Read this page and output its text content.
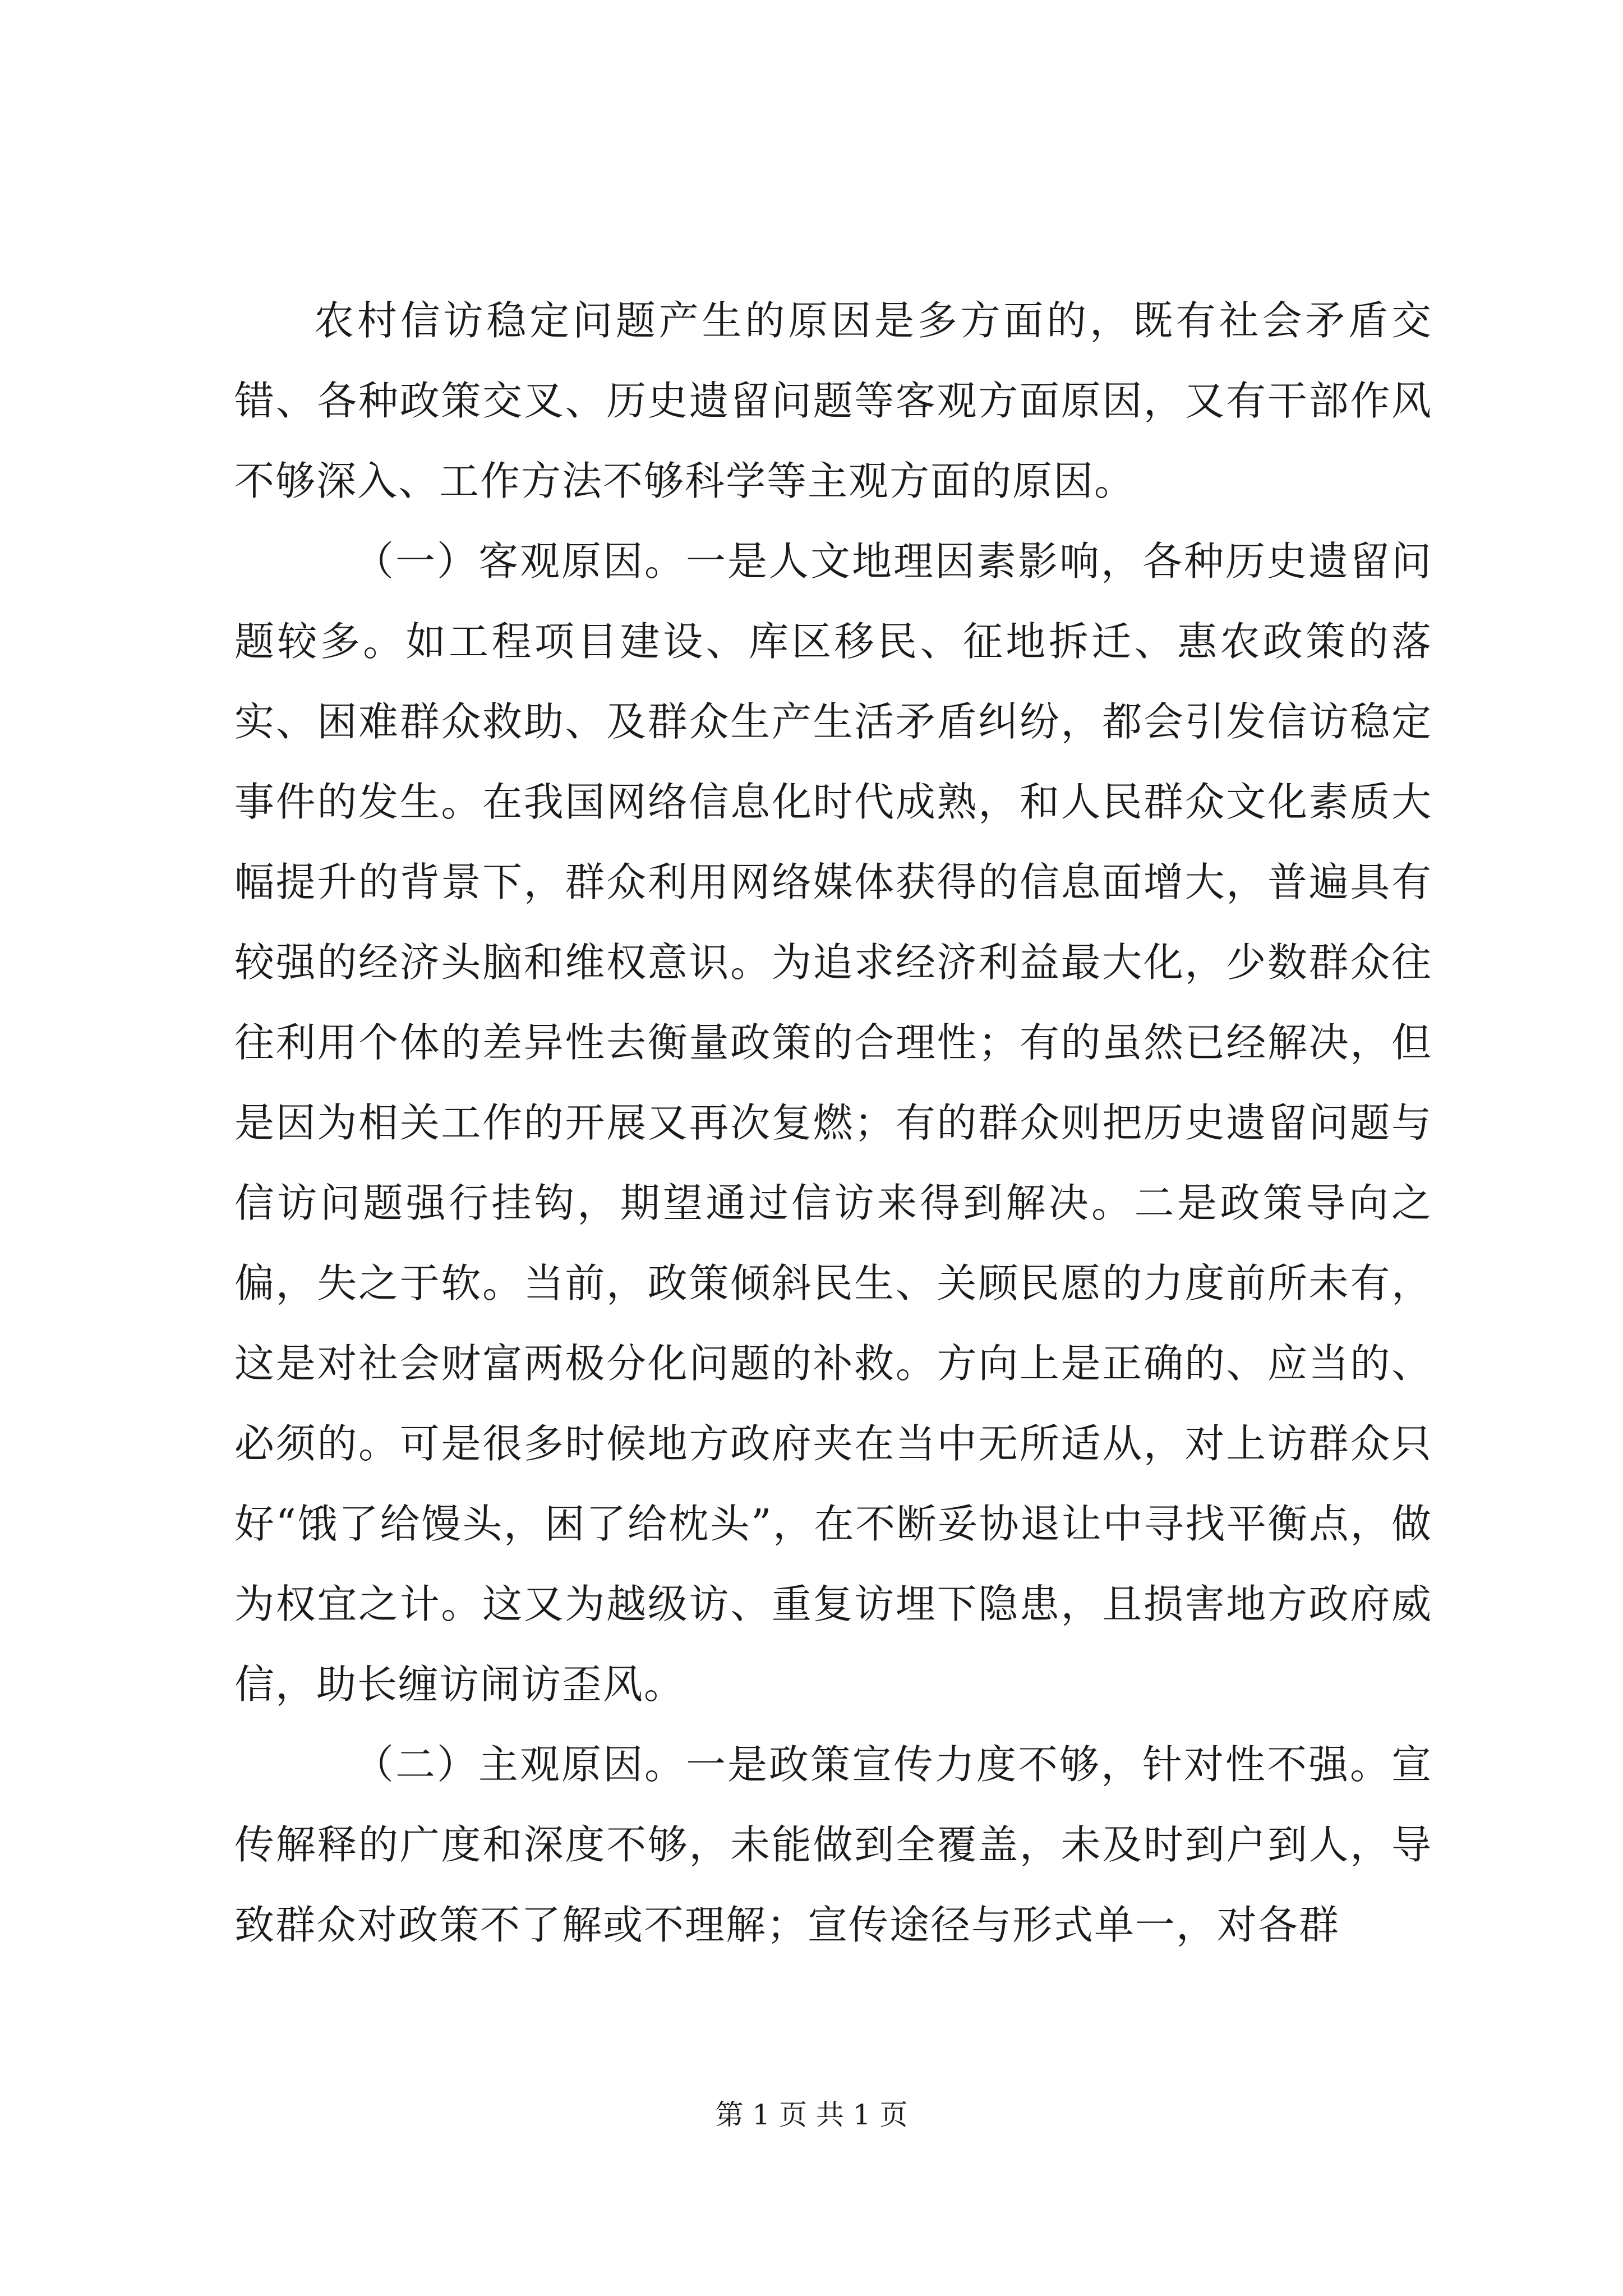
农村信访稳定问题产生的原因是多方面的，既有社会矛盾交错、各种政策交叉、历史遗留问题等客观方面原因，又有干部作风不够深入、工作方法不够科学等主观方面的原因。

（一）客观原因。一是人文地理因素影响，各种历史遗留问题较多。如工程项目建设、库区移民、征地拆迁、惠农政策的落实、困难群众救助、及群众生产生活矛盾纠纷，都会引发信访稳定事件的发生。在我国网络信息化时代成熟，和人民群众文化素质大幅提升的背景下，群众利用网络媒体获得的信息面增大，普遍具有较强的经济头脑和维权意识。为追求经济利益最大化，少数群众往往利用个体的差异性去衡量政策的合理性；有的虽然已经解决，但是因为相关工作的开展又再次复燃；有的群众则把历史遗留问题与信访问题强行挂钩，期望通过信访来得到解决。二是政策导向之偏，失之于软。当前，政策倾斜民生、关顾民愿的力度前所未有，这是对社会财富两极分化问题的补救。方向上是正确的、应当的、必须的。可是很多时候地方政府夹在当中无所适从，对上访群众只好“饿了给馒头，困了给枕头”，在不断妥协退让中寻找平衡点，做为权宜之计。这又为越级访、重复访埋下隐患，且损害地方政府威信，助长缠访闹访歪风。

（二）主观原因。一是政策宣传力度不够，针对性不强。宣传解释的广度和深度不够，未能做到全覆盖，未及时到户到人，导致群众对政策不了解或不理解；宣传途径与形式单一，对各群

第 1 页 共 1 页
